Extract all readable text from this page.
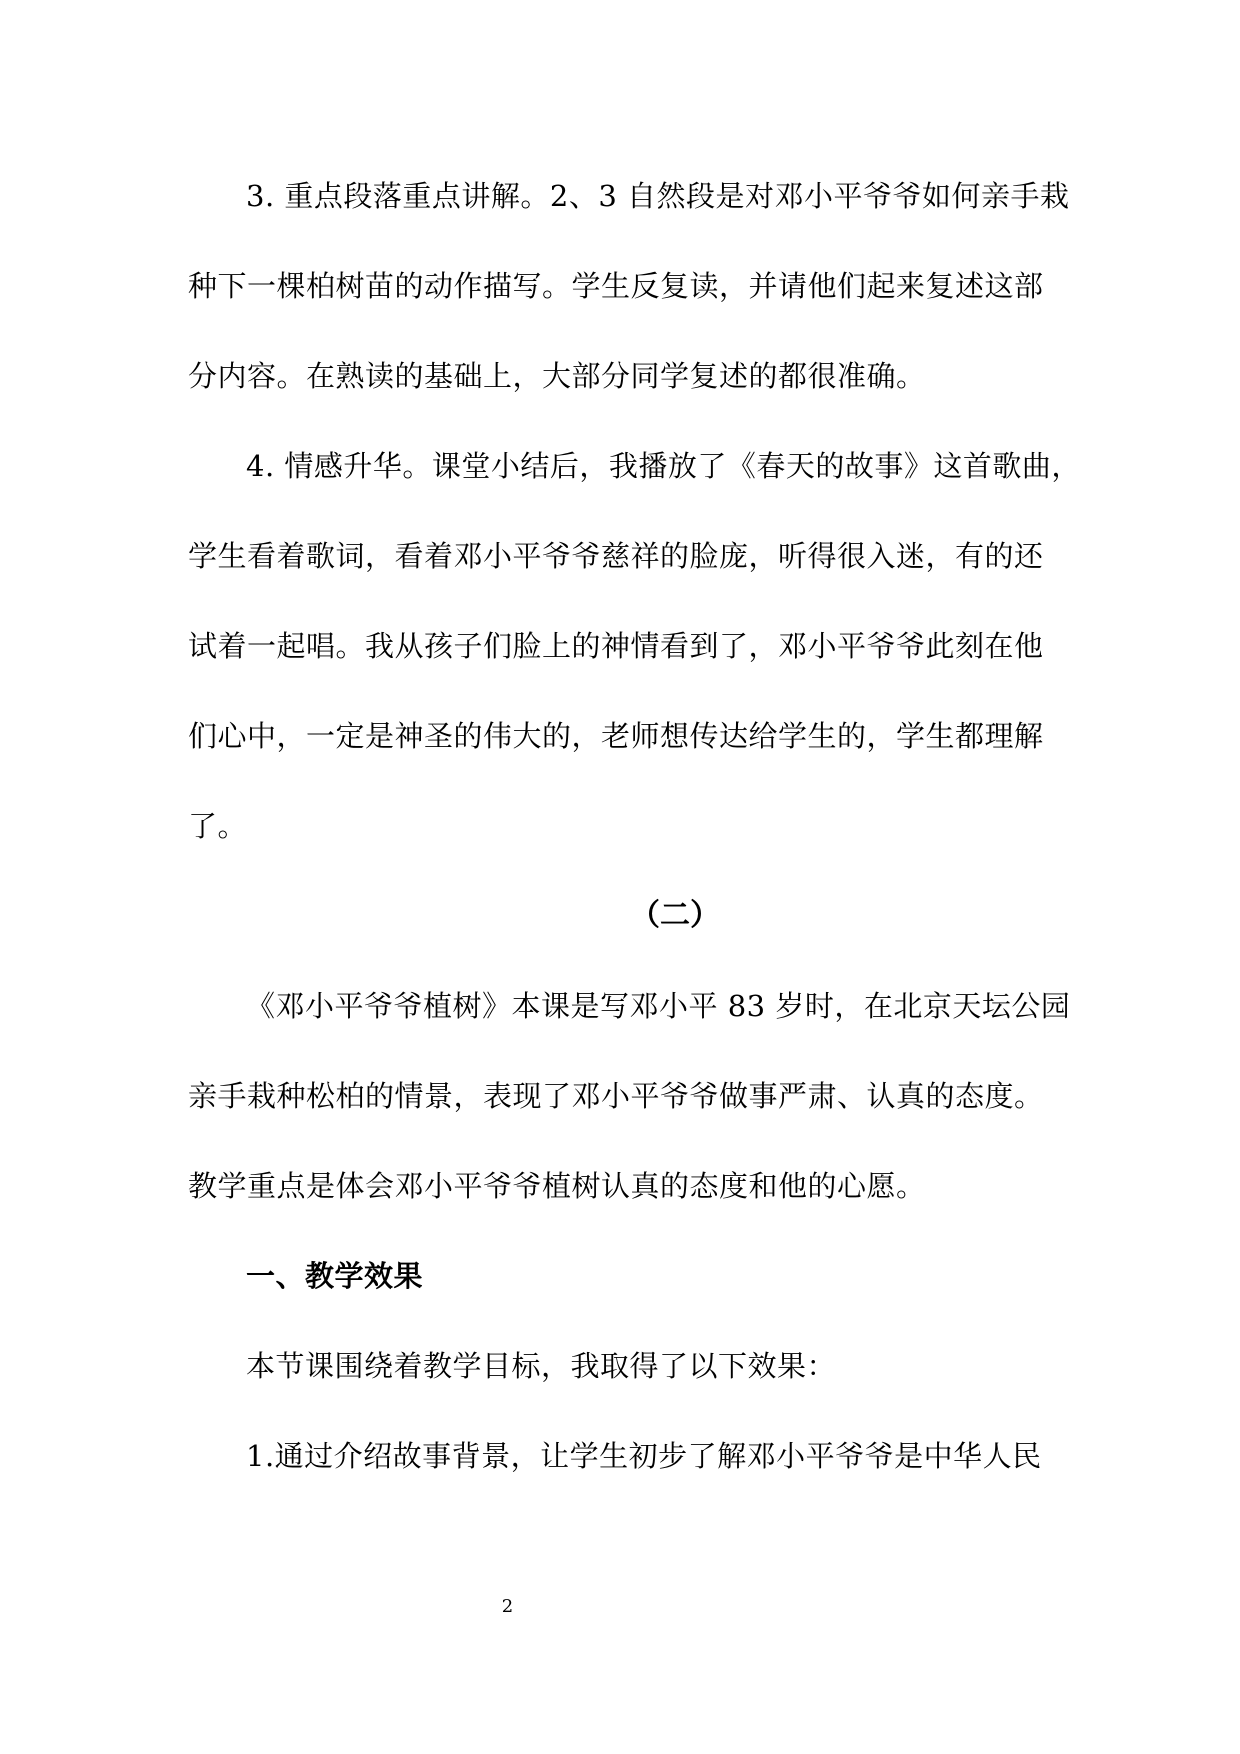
3. 重点段落重点讲解。2、3 自然段是对邓小平爷爷如何亲手栽
种下一棵柏树苗的动作描写。学生反复读，并请他们起来复述这部
分内容。在熟读的基础上，大部分同学复述的都很准确。
4. 情感升华。课堂小结后，我播放了《春天的故事》这首歌曲，
学生看着歌词，看着邓小平爷爷慈祥的脸庞，听得很入迷，有的还
试着一起唱。我从孩子们脸上的神情看到了，邓小平爷爷此刻在他
们心中，一定是神圣的伟大的，老师想传达给学生的，学生都理解
了。
（二）
《邓小平爷爷植树》本课是写邓小平 83 岁时，在北京天坛公园
亲手栽种松柏的情景，表现了邓小平爷爷做事严肃、认真的态度。
教学重点是体会邓小平爷爷植树认真的态度和他的心愿。
一、教学效果
本节课围绕着教学目标，我取得了以下效果：
1.通过介绍故事背景，让学生初步了解邓小平爷爷是中华人民
2
